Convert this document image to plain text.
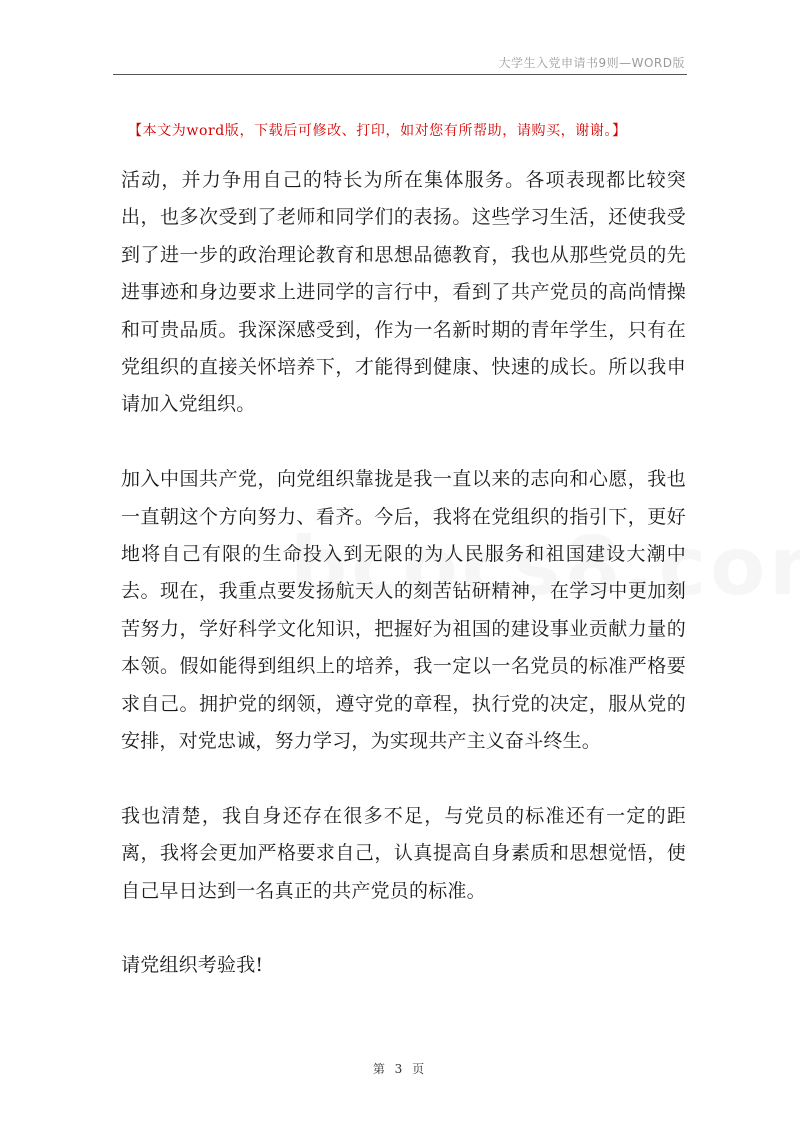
大学生入党申请书9则—WORD版
【本文为word版，下载后可修改、打印，如对您有所帮助，请购买，谢谢。】

活动，并力争用自己的特长为所在集体服务。各项表现都比较突出，也多次受到了老师和同学们的表扬。这些学习生活，还使我受到了进一步的政治理论教育和思想品德教育，我也从那些党员的先进事迹和身边要求上进同学的言行中，看到了共产党员的高尚情操和可贵品质。我深深感受到，作为一名新时期的青年学生，只有在党组织的直接关怀培养下，才能得到健康、快速的成长。所以我申请加入党组织。

加入中国共产党，向党组织靠拢是我一直以来的志向和心愿，我也一直朝这个方向努力、看齐。今后，我将在党组织的指引下，更好地将自己有限的生命投入到无限的为人民服务和祖国建设大潮中去。现在，我重点要发扬航天人的刻苦钻研精神，在学习中更加刻苦努力，学好科学文化知识，把握好为祖国的建设事业贡献力量的本领。假如能得到组织上的培养，我一定以一名党员的标准严格要求自己。拥护党的纲领，遵守党的章程，执行党的决定，服从党的安排，对党忠诚，努力学习，为实现共产主义奋斗终生。

我也清楚，我自身还存在很多不足，与党员的标准还有一定的距离，我将会更加严格要求自己，认真提高自身素质和思想觉悟，使自己早日达到一名真正的共产党员的标准。

请党组织考验我!

第 3 页
